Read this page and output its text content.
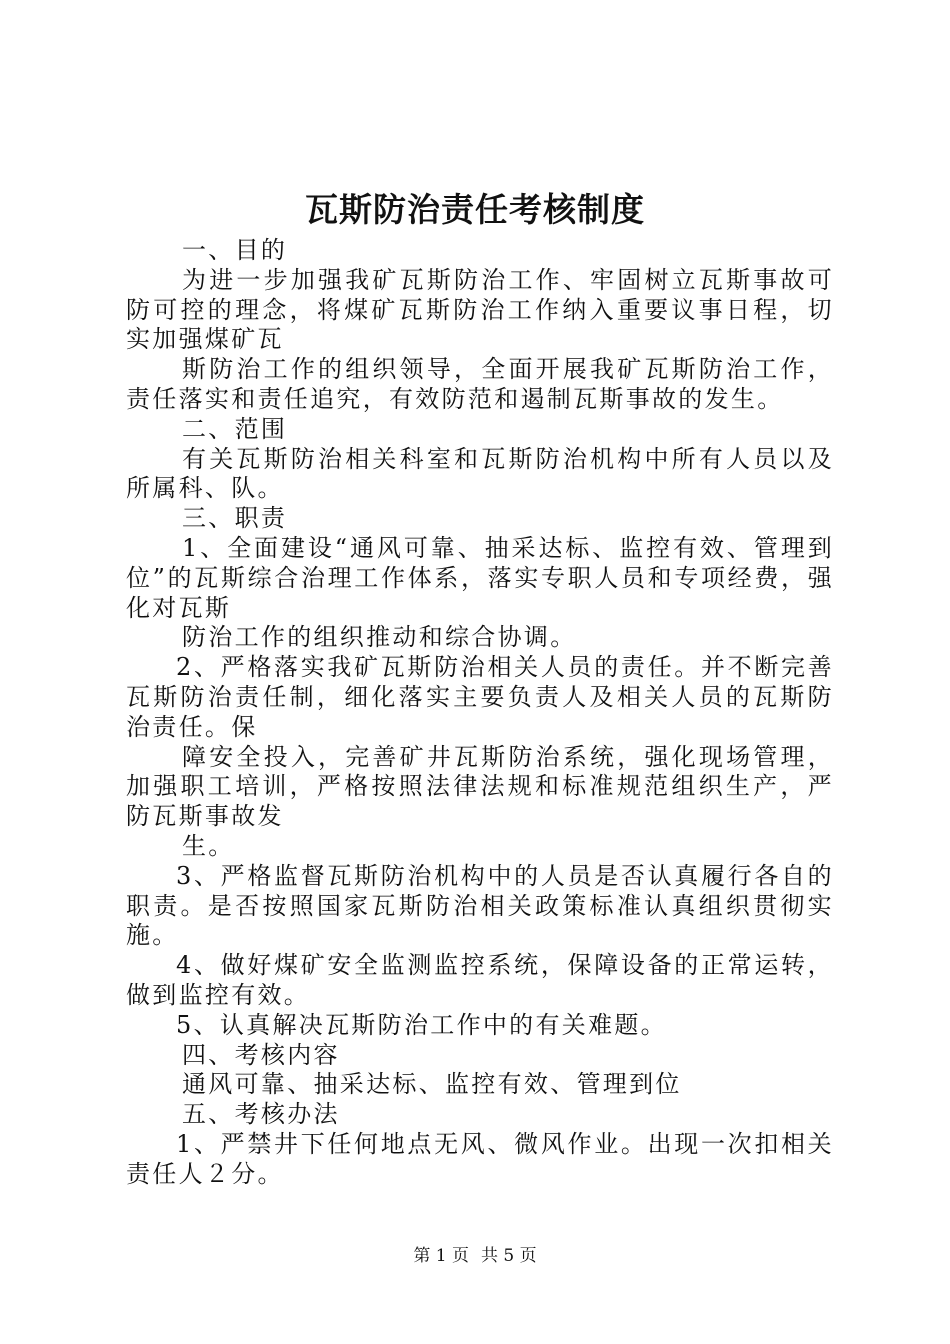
瓦斯防治责任考核制度

一、目的

为进一步加强我矿瓦斯防治工作、牢固树立瓦斯事故可防可控的理念，将煤矿瓦斯防治工作纳入重要议事日程，切实加强煤矿瓦

斯防治工作的组织领导，全面开展我矿瓦斯防治工作，责任落实和责任追究，有效防范和遏制瓦斯事故的发生。

二、范围

有关瓦斯防治相关科室和瓦斯防治机构中所有人员以及所属科、队。

三、职责

1、全面建设“通风可靠、抽采达标、监控有效、管理到位”的瓦斯综合治理工作体系，落实专职人员和专项经费，强化对瓦斯

防治工作的组织推动和综合协调。

2、严格落实我矿瓦斯防治相关人员的责任。并不断完善瓦斯防治责任制，细化落实主要负责人及相关人员的瓦斯防治责任。保

障安全投入，完善矿井瓦斯防治系统，强化现场管理，加强职工培训，严格按照法律法规和标准规范组织生产，严防瓦斯事故发

生。

3、严格监督瓦斯防治机构中的人员是否认真履行各自的职责。是否按照国家瓦斯防治相关政策标准认真组织贯彻实施。

4、做好煤矿安全监测监控系统，保障设备的正常运转，做到监控有效。

5、认真解决瓦斯防治工作中的有关难题。

四、考核内容

通风可靠、抽采达标、监控有效、管理到位

五、考核办法

1、严禁井下任何地点无风、微风作业。出现一次扣相关责任人２分。

第 1 页 共 5 页
